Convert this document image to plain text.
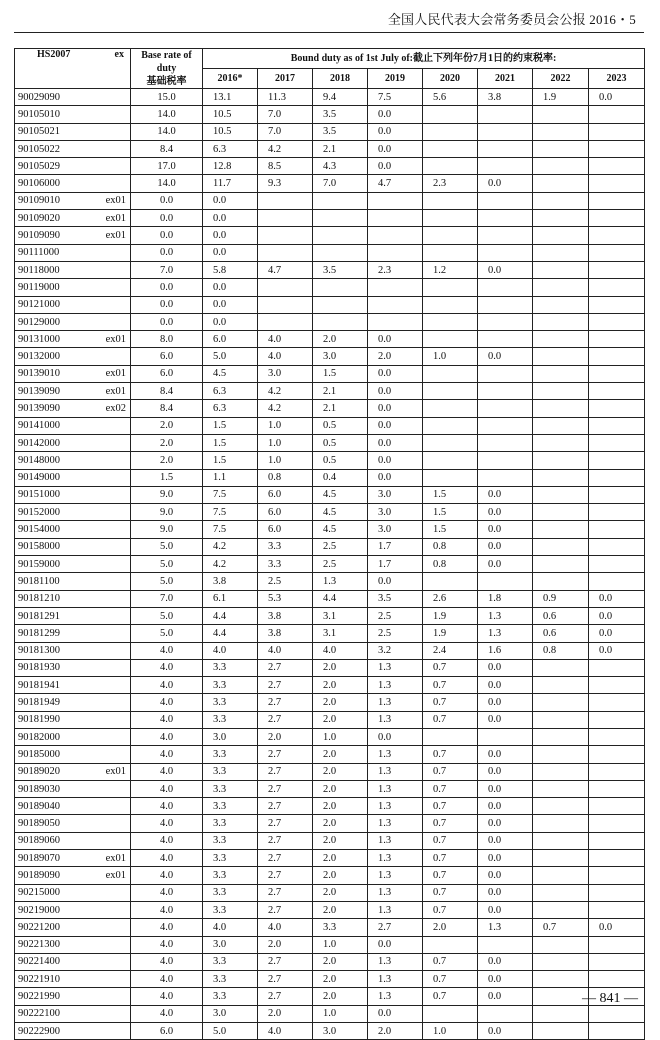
全国人民代表大会常务委员会公报 2016・5
HS2007	ex	Base rate of
duty
基础税率	Bound duty as of 1st July of:截止下列年份7月1日的约束税率:							
			2016*	2017	2018	2019	2020	2021	2022	2023
90029090		15.0	13.1	11.3	9.4	7.5	5.6	3.8	1.9	0.0
90105010		14.0	10.5	7.0	3.5	0.0				
90105021		14.0	10.5	7.0	3.5	0.0				
90105022		8.4	6.3	4.2	2.1	0.0				
90105029		17.0	12.8	8.5	4.3	0.0				
90106000		14.0	11.7	9.3	7.0	4.7	2.3	0.0		
90109010	ex01	0.0	0.0							
90109020	ex01	0.0	0.0							
90109090	ex01	0.0	0.0							
90111000		0.0	0.0							
90118000		7.0	5.8	4.7	3.5	2.3	1.2	0.0		
90119000		0.0	0.0							
90121000		0.0	0.0							
90129000		0.0	0.0							
90131000	ex01	8.0	6.0	4.0	2.0	0.0				
90132000		6.0	5.0	4.0	3.0	2.0	1.0	0.0		
90139010	ex01	6.0	4.5	3.0	1.5	0.0				
90139090	ex01	8.4	6.3	4.2	2.1	0.0				
90139090	ex02	8.4	6.3	4.2	2.1	0.0				
90141000		2.0	1.5	1.0	0.5	0.0				
90142000		2.0	1.5	1.0	0.5	0.0				
90148000		2.0	1.5	1.0	0.5	0.0				
90149000		1.5	1.1	0.8	0.4	0.0				
90151000		9.0	7.5	6.0	4.5	3.0	1.5	0.0		
90152000		9.0	7.5	6.0	4.5	3.0	1.5	0.0		
90154000		9.0	7.5	6.0	4.5	3.0	1.5	0.0		
90158000		5.0	4.2	3.3	2.5	1.7	0.8	0.0		
90159000		5.0	4.2	3.3	2.5	1.7	0.8	0.0		
90181100		5.0	3.8	2.5	1.3	0.0				
90181210		7.0	6.1	5.3	4.4	3.5	2.6	1.8	0.9	0.0
90181291		5.0	4.4	3.8	3.1	2.5	1.9	1.3	0.6	0.0
90181299		5.0	4.4	3.8	3.1	2.5	1.9	1.3	0.6	0.0
90181300		4.0	4.0	4.0	4.0	3.2	2.4	1.6	0.8	0.0
90181930		4.0	3.3	2.7	2.0	1.3	0.7	0.0		
90181941		4.0	3.3	2.7	2.0	1.3	0.7	0.0		
90181949		4.0	3.3	2.7	2.0	1.3	0.7	0.0		
90181990		4.0	3.3	2.7	2.0	1.3	0.7	0.0		
90182000		4.0	3.0	2.0	1.0	0.0				
90185000		4.0	3.3	2.7	2.0	1.3	0.7	0.0		
90189020	ex01	4.0	3.3	2.7	2.0	1.3	0.7	0.0		
90189030		4.0	3.3	2.7	2.0	1.3	0.7	0.0		
90189040		4.0	3.3	2.7	2.0	1.3	0.7	0.0		
90189050		4.0	3.3	2.7	2.0	1.3	0.7	0.0		
90189060		4.0	3.3	2.7	2.0	1.3	0.7	0.0		
90189070	ex01	4.0	3.3	2.7	2.0	1.3	0.7	0.0		
90189090	ex01	4.0	3.3	2.7	2.0	1.3	0.7	0.0		
90215000		4.0	3.3	2.7	2.0	1.3	0.7	0.0		
90219000		4.0	3.3	2.7	2.0	1.3	0.7	0.0		
90221200		4.0	4.0	4.0	3.3	2.7	2.0	1.3	0.7	0.0
90221300		4.0	3.0	2.0	1.0	0.0				
90221400		4.0	3.3	2.7	2.0	1.3	0.7	0.0		
90221910		4.0	3.3	2.7	2.0	1.3	0.7	0.0		
90221990		4.0	3.3	2.7	2.0	1.3	0.7	0.0		
90222100		4.0	3.0	2.0	1.0	0.0				
90222900		6.0	5.0	4.0	3.0	2.0	1.0	0.0		
— 841 —
